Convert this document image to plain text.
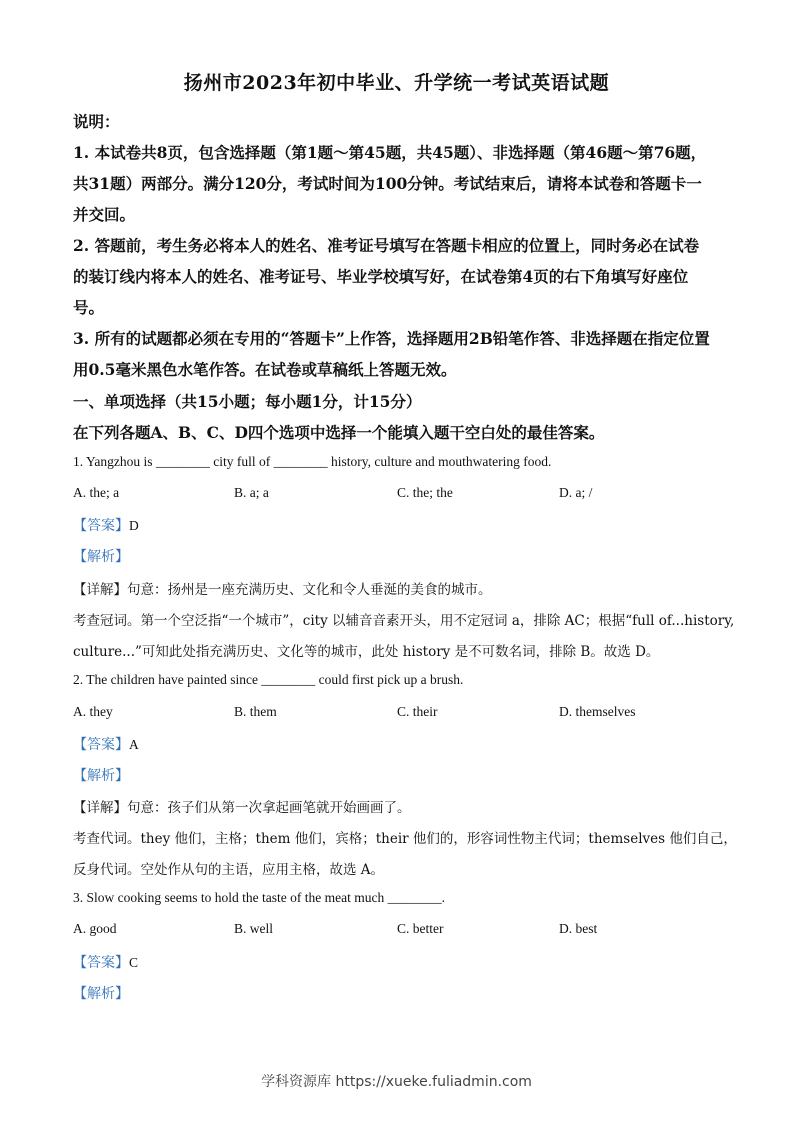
扬州市2023年初中毕业、升学统一考试英语试题
说明：
1. 本试卷共8页，包含选择题（第1题～第45题，共45题）、非选择题（第46题～第76题，
共31题）两部分。满分120分，考试时间为100分钟。考试结束后，请将本试卷和答题卡一
并交回。
2. 答题前，考生务必将本人的姓名、准考证号填写在答题卡相应的位置上，同时务必在试卷
的装订线内将本人的姓名、准考证号、毕业学校填写好，在试卷第4页的右下角填写好座位
号。
3. 所有的试题都必须在专用的“答题卡”上作答，选择题用2B铅笔作答、非选择题在指定位置
用0.5毫米黑色水笔作答。在试卷或草稿纸上答题无效。
一、单项选择（共15小题；每小题1分，计15分）
在下列各题A、B、C、D四个选项中选择一个能填入题干空白处的最佳答案。
1. Yangzhou is ________ city full of ________ history, culture and mouthwatering food.
A. the; a	B. a; a	C. the; the	D. a; /
【答案】D
【解析】
【详解】句意：扬州是一座充满历史、文化和令人垂涎的美食的城市。
考查冠词。第一个空泛指“一个城市”，city 以辅音音素开头，用不定冠词 a，排除 AC；根据“full of...history,
culture...”可知此处指充满历史、文化等的城市，此处 history 是不可数名词，排除 B。故选 D。
2. The children have painted since ________ could first pick up a brush.
A. they	B. them	C. their	D. themselves
【答案】A
【解析】
【详解】句意：孩子们从第一次拿起画笔就开始画画了。
考查代词。they 他们，主格；them 他们，宾格；their 他们的，形容词性物主代词；themselves 他们自己，
反身代词。空处作从句的主语，应用主格，故选 A。
3. Slow cooking seems to hold the taste of the meat much ________.
A. good	B. well	C. better	D. best
【答案】C
【解析】
学科资源库 https://xueke.fuliadmin.com
